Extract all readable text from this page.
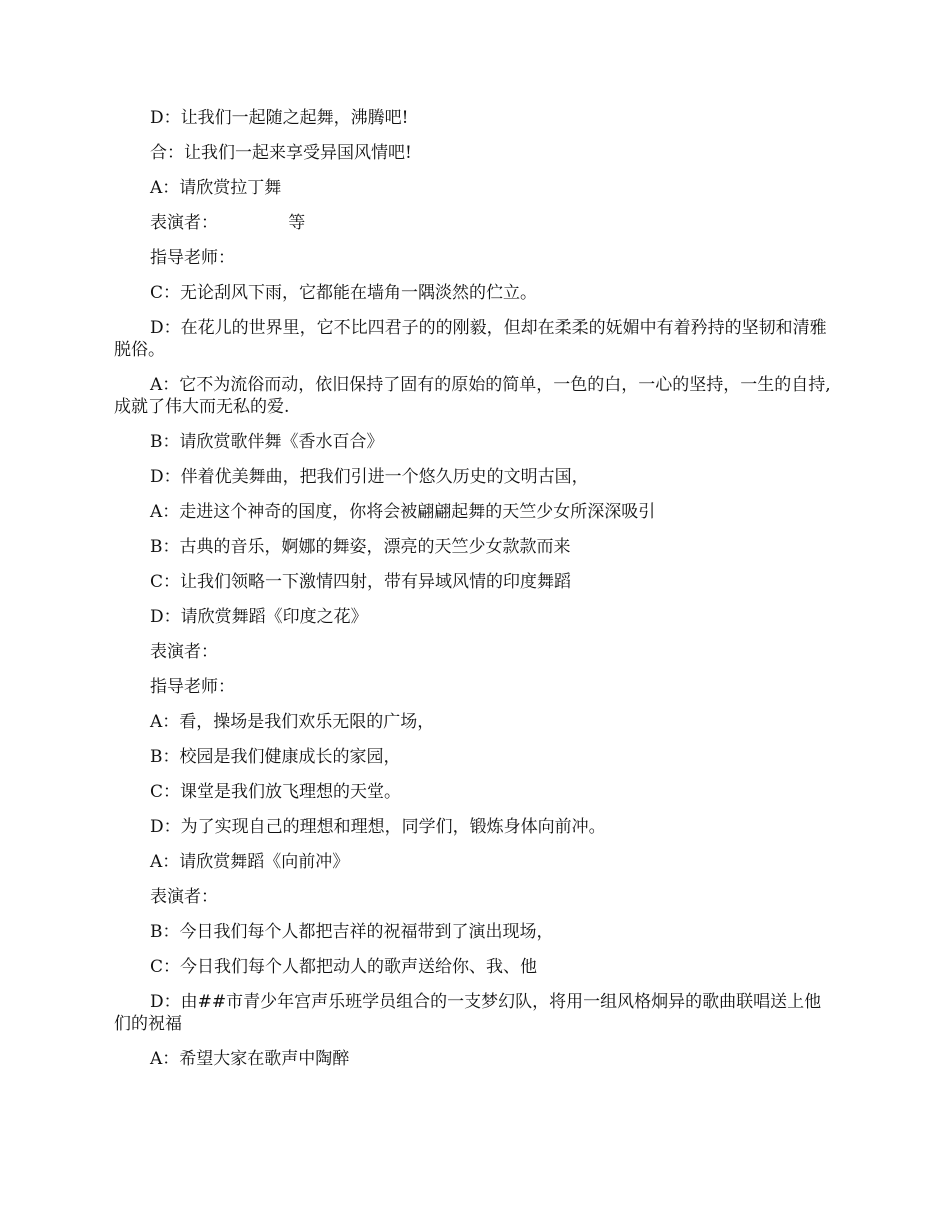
D：让我们一起随之起舞，沸腾吧!

合：让我们一起来享受异国风情吧!

A：请欣赏拉丁舞

表演者：             等

指导老师：

C：无论刮风下雨，它都能在墙角一隅淡然的伫立。

D：在花儿的世界里，它不比四君子的的刚毅，但却在柔柔的妩媚中有着矜持的坚韧和清雅脱俗。

A：它不为流俗而动，依旧保持了固有的原始的简单，一色的白，一心的坚持，一生的自持,成就了伟大而无私的爱.

B：请欣赏歌伴舞《香水百合》

D：伴着优美舞曲，把我们引进一个悠久历史的文明古国，

A：走进这个神奇的国度，你将会被翩翩起舞的天竺少女所深深吸引

B：古典的音乐，婀娜的舞姿，漂亮的天竺少女款款而来

C：让我们领略一下激情四射，带有异域风情的印度舞蹈

D：请欣赏舞蹈《印度之花》

表演者：

指导老师：

A：看，操场是我们欢乐无限的广场，

B：校园是我们健康成长的家园，

C：课堂是我们放飞理想的天堂。

D：为了实现自己的理想和理想，同学们，锻炼身体向前冲。

A：请欣赏舞蹈《向前冲》

表演者：

B：今日我们每个人都把吉祥的祝福带到了演出现场，

C：今日我们每个人都把动人的歌声送给你、我、他

D：由##市青少年宫声乐班学员组合的一支梦幻队，将用一组风格炯异的歌曲联唱送上他们的祝福

A：希望大家在歌声中陶醉
